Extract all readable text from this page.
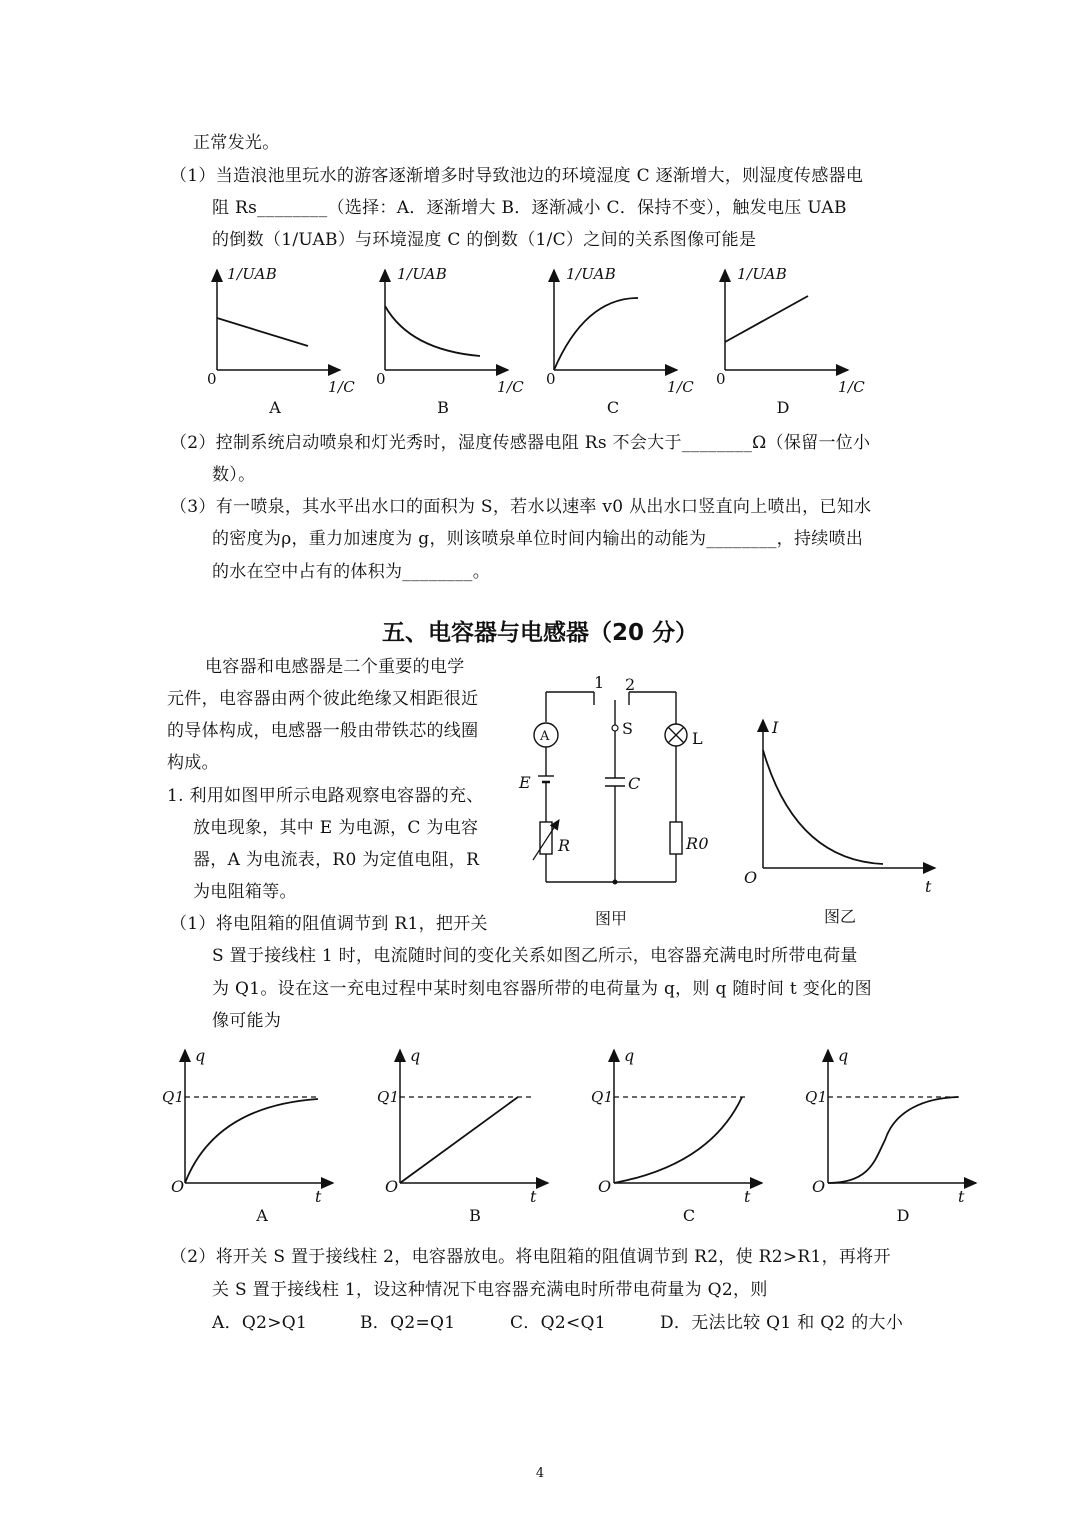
正常发光。
（1）当造浪池里玩水的游客逐渐增多时导致池边的环境湿度 C 逐渐增大，则湿度传感器电
阻 Rs________（选择：A．逐渐增大 B．逐渐减小 C．保持不变），触发电压 UAB
的倒数（1/UAB）与环境湿度 C 的倒数（1/C）之间的关系图像可能是
1/UAB	1/UAB	1/UAB	1/UAB
1/C	1/C	1/C	1/C
0	0	0	0
A	B	C	D
（2）控制系统启动喷泉和灯光秀时，湿度传感器电阻 Rs 不会大于________Ω（保留一位小
数）。
（3）有一喷泉，其水平出水口的面积为 S，若水以速率 v0 从出水口竖直向上喷出，已知水
的密度为ρ，重力加速度为 g，则该喷泉单位时间内输出的动能为________，持续喷出
的水在空中占有的体积为________。
五、电容器与电感器（20 分）
电容器和电感器是二个重要的电学
元件，电容器由两个彼此绝缘又相距很近
的导体构成，电感器一般由带铁芯的线圈
构成。
1. 利用如图甲所示电路观察电容器的充、
放电现象，其中 E 为电源，C 为电容
器，A 为电流表，R0 为定值电阻，R
为电阻箱等。
（1）将电阻箱的阻值调节到 R1，把开关
S 置于接线柱 1 时，电流随时间的变化关系如图乙所示，电容器充满电时所带电荷量
为 Q1。设在这一充电过程中某时刻电容器所带的电荷量为 q，则 q 随时间 t 变化的图
像可能为
1 2
A	S
L
E	C
R	R0
图甲
I
O	t
图乙
q	q	q	q
Q1	Q1	Q1	Q1
O	O	O	O
t	t	t	t
A	B	C	D
（2）将开关 S 置于接线柱 2，电容器放电。将电阻箱的阻值调节到 R2，使 R2>R1，再将开
关 S 置于接线柱 1，设这种情况下电容器充满电时所带电荷量为 Q2，则
A．Q2>Q1	B．Q2=Q1	C．Q2<Q1	D．无法比较 Q1 和 Q2 的大小
4
